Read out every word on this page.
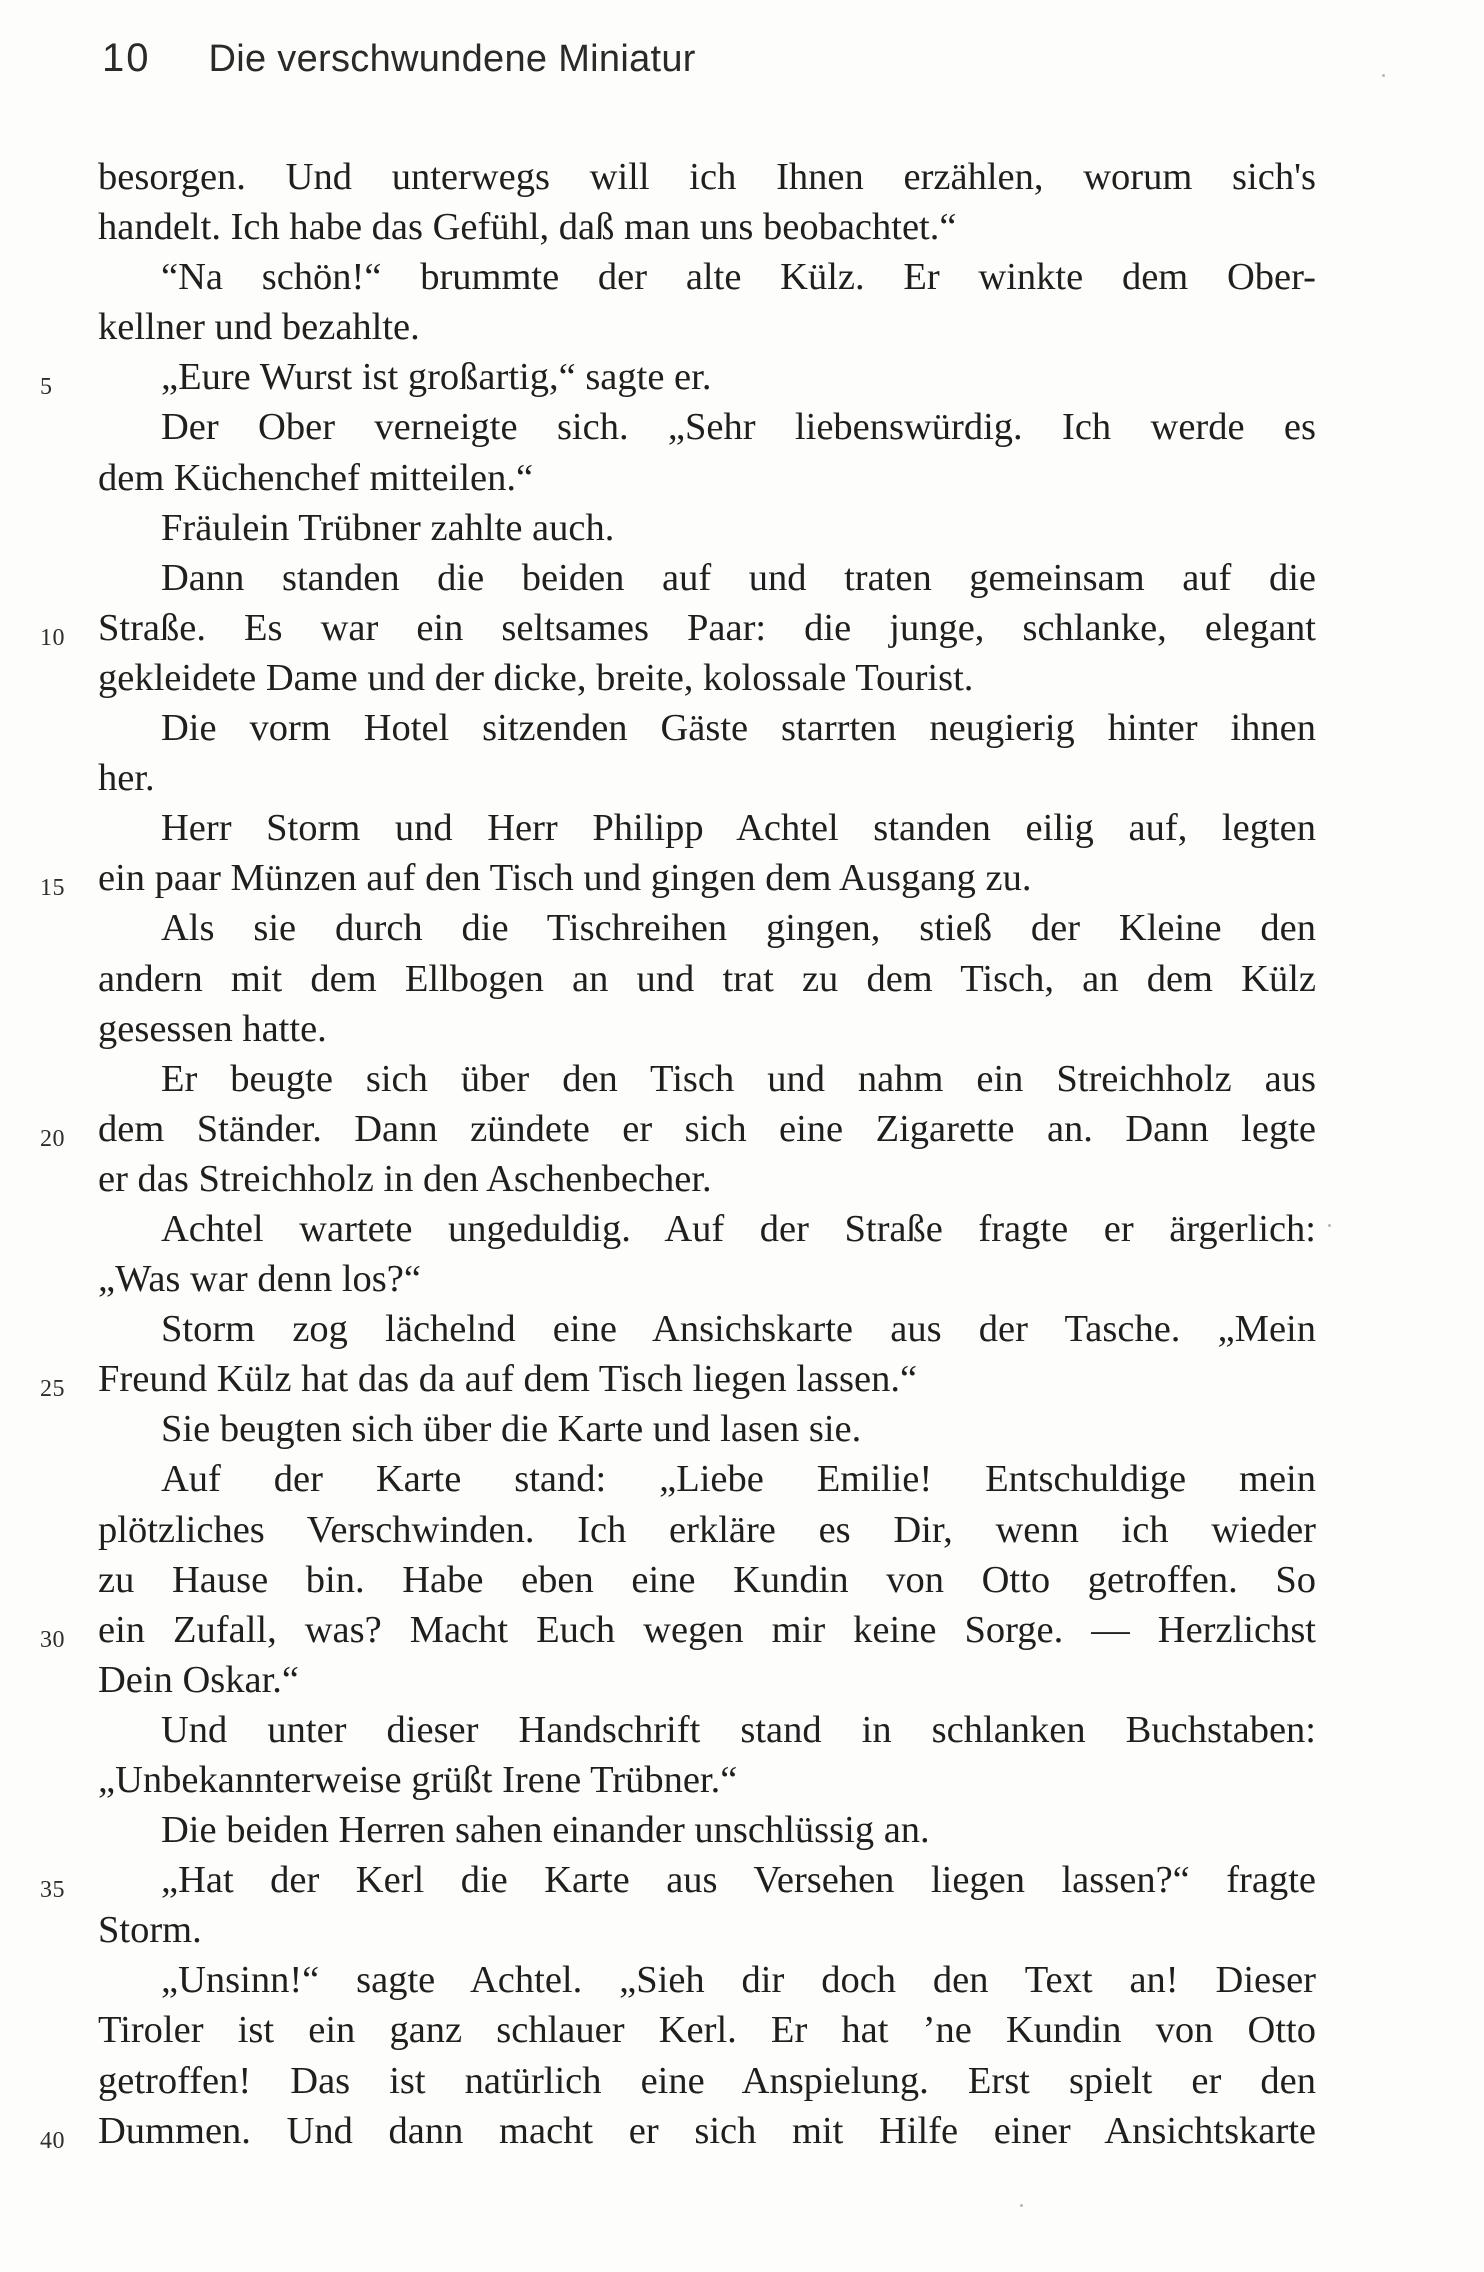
10 Die verschwundene Miniatur
besorgen. Und unterwegs will ich Ihnen erzählen, worum sich's
handelt. Ich habe das Gefühl, daß man uns beobachtet.“
“Na schön!“ brummte der alte Külz. Er winkte dem Ober-
kellner und bezahlte.
5	„Eure Wurst ist großartig,“ sagte er.
Der Ober verneigte sich. „Sehr liebenswürdig. Ich werde es
dem Küchenchef mitteilen.“
Fräulein Trübner zahlte auch.
Dann standen die beiden auf und traten gemeinsam auf die
10 Straße. Es war ein seltsames Paar: die junge, schlanke, elegant
gekleidete Dame und der dicke, breite, kolossale Tourist.
Die vorm Hotel sitzenden Gäste starrten neugierig hinter ihnen
her.
Herr Storm und Herr Philipp Achtel standen eilig auf, legten
15 ein paar Münzen auf den Tisch und gingen dem Ausgang zu.
Als sie durch die Tischreihen gingen, stieß der Kleine den
andern mit dem Ellbogen an und trat zu dem Tisch, an dem Külz
gesessen hatte.
Er beugte sich über den Tisch und nahm ein Streichholz aus
20 dem Ständer. Dann zündete er sich eine Zigarette an. Dann legte
er das Streichholz in den Aschenbecher.
Achtel wartete ungeduldig. Auf der Straße fragte er ärgerlich:
„Was war denn los?“
Storm zog lächelnd eine Ansichskarte aus der Tasche. „Mein
25 Freund Külz hat das da auf dem Tisch liegen lassen.“
Sie beugten sich über die Karte und lasen sie.
Auf der Karte stand: „Liebe Emilie! Entschuldige mein
plötzliches Verschwinden. Ich erkläre es Dir, wenn ich wieder
zu Hause bin. Habe eben eine Kundin von Otto getroffen. So
30 ein Zufall, was? Macht Euch wegen mir keine Sorge. — Herzlichst
Dein Oskar.“
Und unter dieser Handschrift stand in schlanken Buchstaben:
„Unbekannterweise grüßt Irene Trübner.“
Die beiden Herren sahen einander unschlüssig an.
35 „Hat der Kerl die Karte aus Versehen liegen lassen?“ fragte
Storm.
„Unsinn!“ sagte Achtel. „Sieh dir doch den Text an! Dieser
Tiroler ist ein ganz schlauer Kerl. Er hat ’ne Kundin von Otto
getroffen! Das ist natürlich eine Anspielung. Erst spielt er den
40 Dummen. Und dann macht er sich mit Hilfe einer Ansichtskarte
